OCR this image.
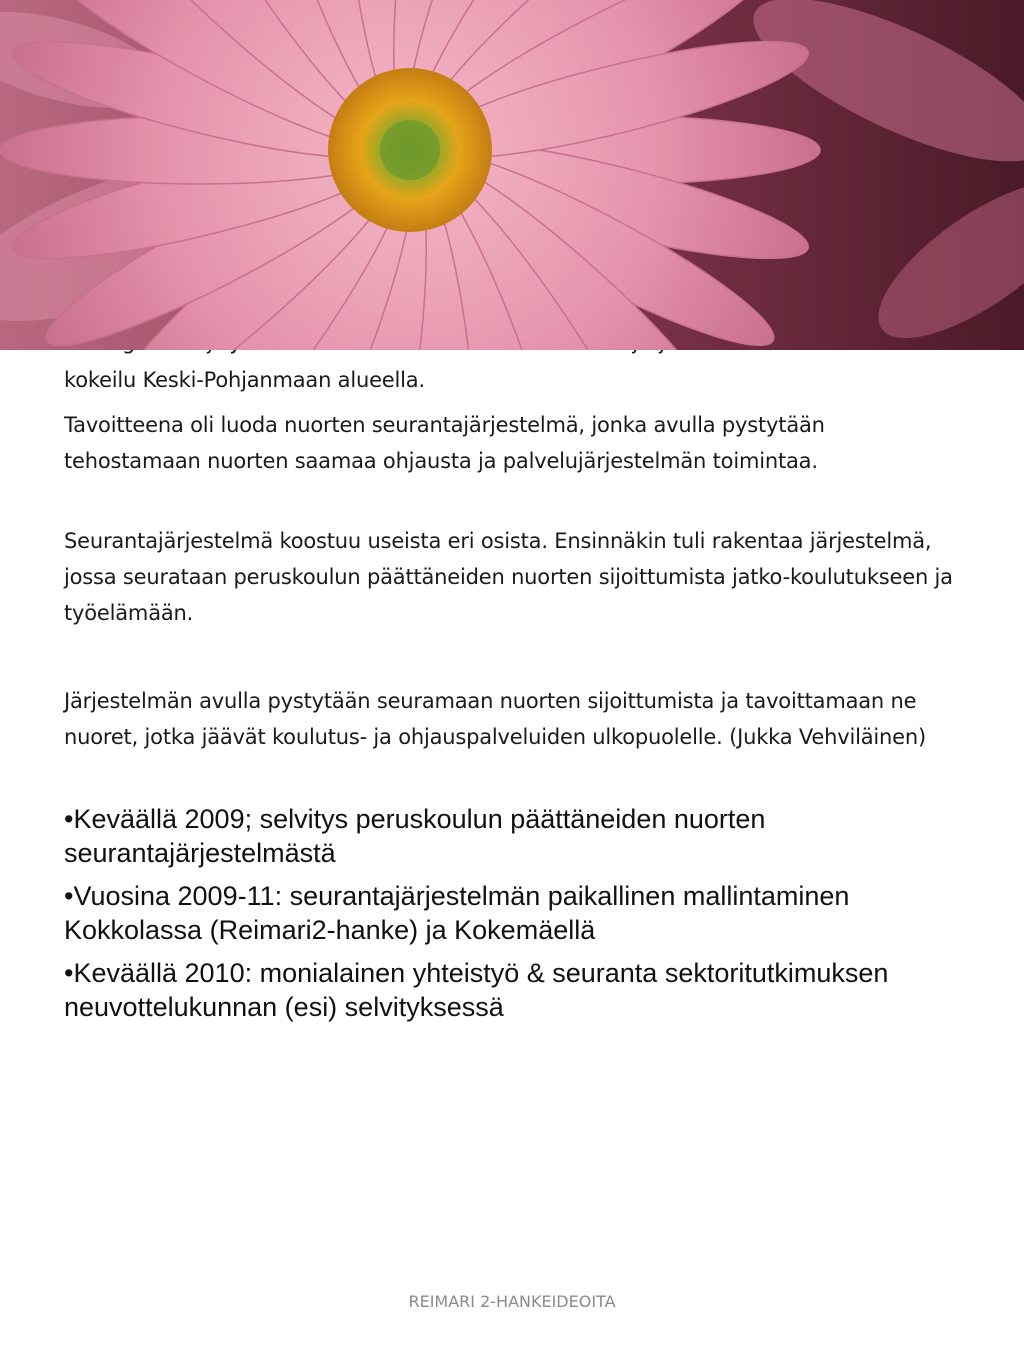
kokeilu Keski-Pohjanmaan alueella.

Tavoitteena oli luoda nuorten seurantajärjestelmä, jonka avulla pystytään tehostamaan nuorten saamaa ohjausta ja palvelujärjestelmän toimintaa.

Seurantajärjestelmä koostuu useista eri osista. Ensinnäkin tuli rakentaa järjestelmä, jossa seurataan peruskoulun päättäneiden nuorten sijoittumista jatko-koulutukseen ja työelämään.

Järjestelmän avulla pystytään seuramaan nuorten sijoittumista ja tavoittamaan ne nuoret, jotka jäävät koulutus- ja ohjauspalveluiden ulkopuolelle. (Jukka Vehviläinen)

•Keväällä 2009; selvitys peruskoulun päättäneiden nuorten seurantajärjestelmästä

•Vuosina 2009-11: seurantajärjestelmän paikallinen mallintaminen Kokkolassa (Reimari2-hanke) ja Kokemäellä

•Keväällä 2010: monialainen yhteistyö & seuranta sektoritutkimuksen neuvottelukunnan (esi) selvityksessä

REIMARI 2-HANKEIDEOITA
